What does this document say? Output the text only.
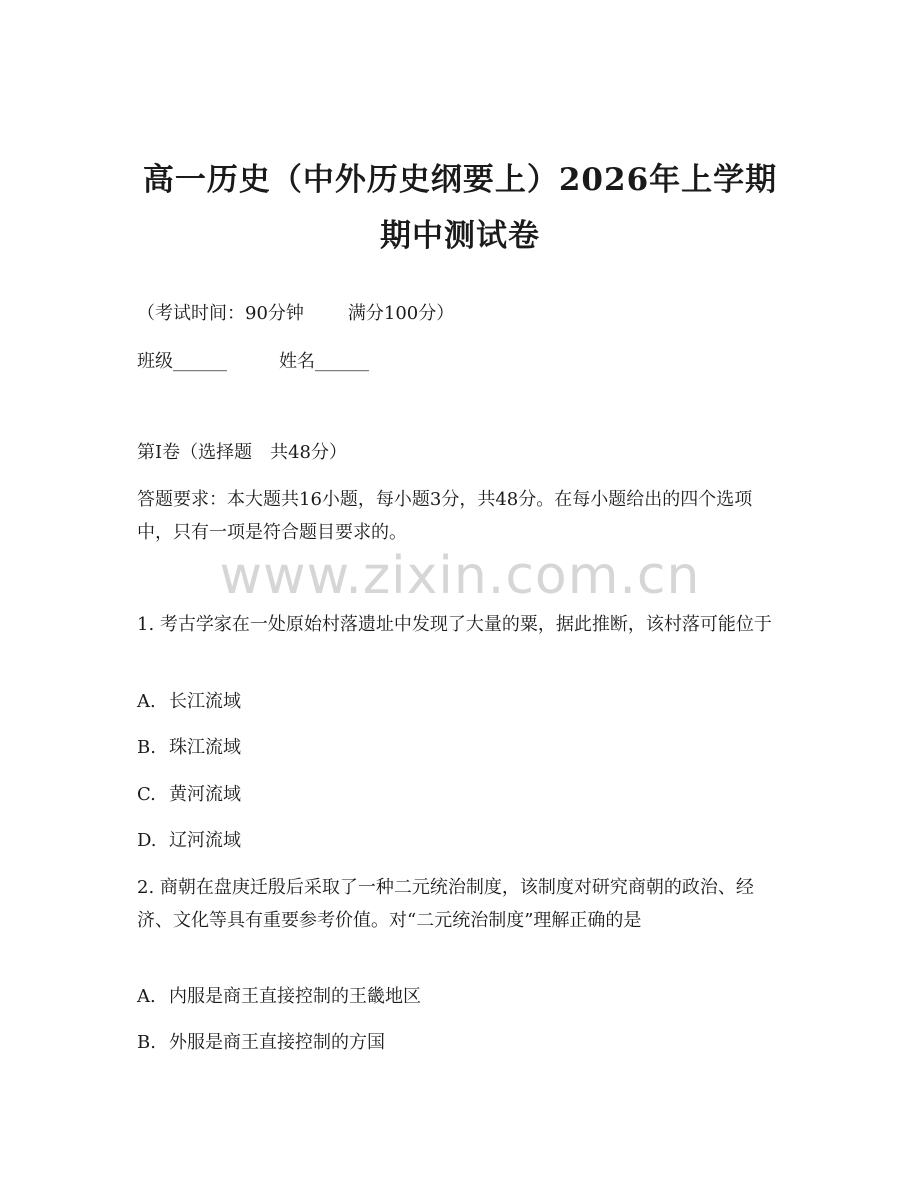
高一历史（中外历史纲要上）2026年上学期
期中测试卷
（考试时间：90分钟 满分100分）
班级______	姓名______
第Ⅰ卷（选择题　共48分）
答题要求：本大题共16小题，每小题3分，共48分。在每小题给出的四个选项中，只有一项是符合题目要求的。
www.zixin.com.cn
1. 考古学家在一处原始村落遗址中发现了大量的粟，据此推断，该村落可能位于
A. 长江流域
B. 珠江流域
C. 黄河流域
D. 辽河流域
2. 商朝在盘庚迁殷后采取了一种二元统治制度，该制度对研究商朝的政治、经济、文化等具有重要参考价值。对“二元统治制度”理解正确的是
A. 内服是商王直接控制的王畿地区
B. 外服是商王直接控制的方国
